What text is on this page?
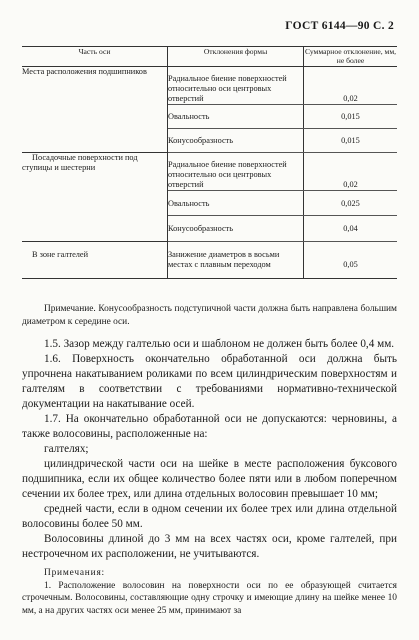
ГОСТ 6144—90 С. 2
Часть оси	Отклонения формы	Суммарное отклонение, мм, не более
Места расположения подшипников	Радиальное биение поверхностей относительно оси центровых отверстий	0,02
	Овальность	0,015
	Конусообразность	0,015
Посадочные поверхности под ступицы и шестерни	Радиальное биение поверхностей относительно оси центровых отверстий	0,02
	Овальность	0,025
	Конусообразность	0,04
В зоне галтелей	Занижение диаметров в восьми местах с плавным переходом	0,05

Примечание. Конусообразность подступичной части должна быть направлена большим диаметром к середине оси.

1.5. Зазор между галтелью оси и шаблоном не должен быть более 0,4 мм.

1.6. Поверхность окончательно обработанной оси должна быть упрочнена накатыванием роликами по всем цилиндрическим поверхностям и галтелям в соответствии с требованиями нормативно-технической документации на накатывание осей.

1.7. На окончательно обработанной оси не допускаются: черновины, а также волосовины, расположенные на:

галтелях;

цилиндрической части оси на шейке в месте расположения буксового подшипника, если их общее количество более пяти или в любом поперечном сечении их более трех, или длина отдельных волосовин превышает 10 мм;

средней части, если в одном сечении их более трех или длина отдельной волосовины более 50 мм.

Волосовины длиной до 3 мм на всех частях оси, кроме галтелей, при нестрочечном их расположении, не учитываются.

Примечания:

1. Расположение волосовин на поверхности оси по ее образующей считается строчечным. Волосовины, составляющие одну строчку и имеющие длину на шейке менее 10 мм, а на других частях оси менее 25 мм, принимают за
